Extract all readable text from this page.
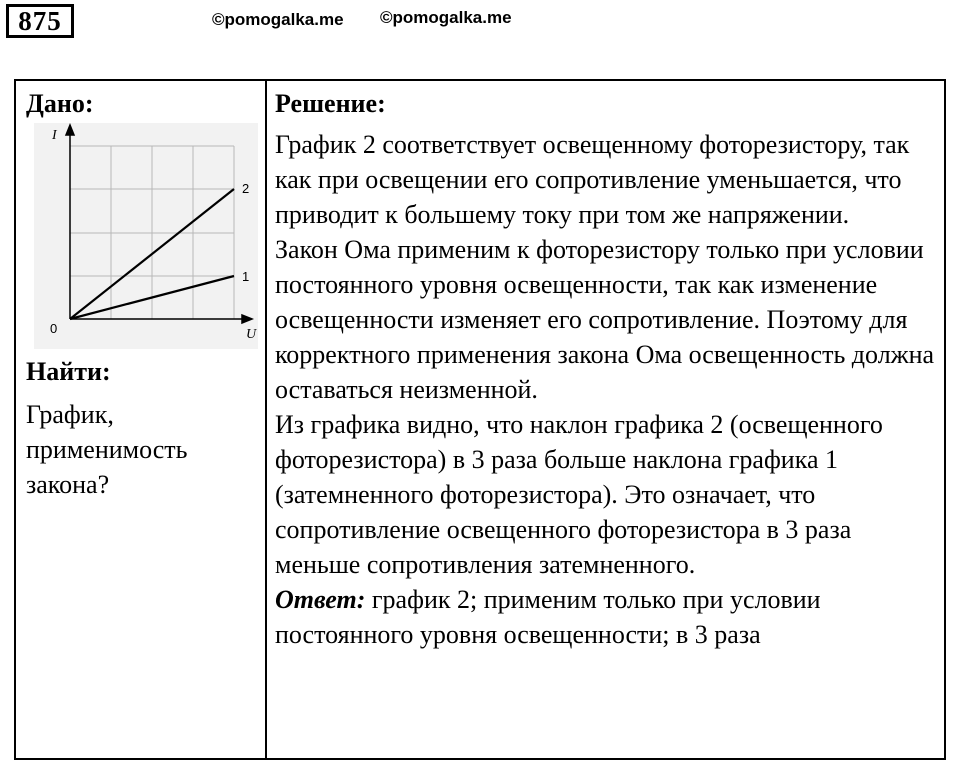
875	©pomogalka.me ©pomogalka.me
Дано:
I
U
0
2
1
Найти:
График, применимость закона?
Решение:

График 2 соответствует освещенному фоторезистору, так как при освещении его сопротивление уменьшается, что приводит к большему току при том же напряжении.

Закон Ома применим к фоторезистору только при условии постоянного уровня освещенности, так как изменение освещенности изменяет его сопротивление. Поэтому для корректного применения закона Ома освещенность должна оставаться неизменной.

Из графика видно, что наклон графика 2 (освещенного фоторезистора) в 3 раза больше наклона графика 1 (затемненного фоторезистора). Это означает, что сопротивление освещенного фоторезистора в 3 раза меньше сопротивления затемненного.

Ответ: график 2; применим только при условии постоянного уровня освещенности; в 3 раза
